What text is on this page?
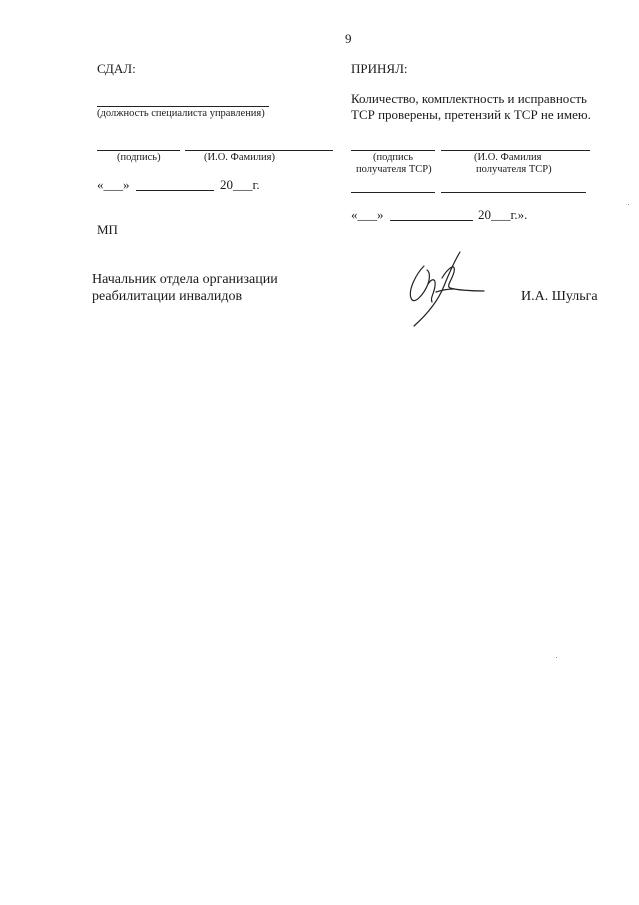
9
СДАЛ:
(должность специалиста управления)
(подпись)	(И.О. Фамилия)
«___»	20___г.
МП
ПРИНЯЛ:
Количество, комплектность и исправность
ТСР проверены, претензий к ТСР не имею.
(подпись
получателя ТСР)
(И.О. Фамилия
получателя ТСР)
«___»	20___г.».
Начальник отдела организации
реабилитации инвалидов	И.А. Шульга
